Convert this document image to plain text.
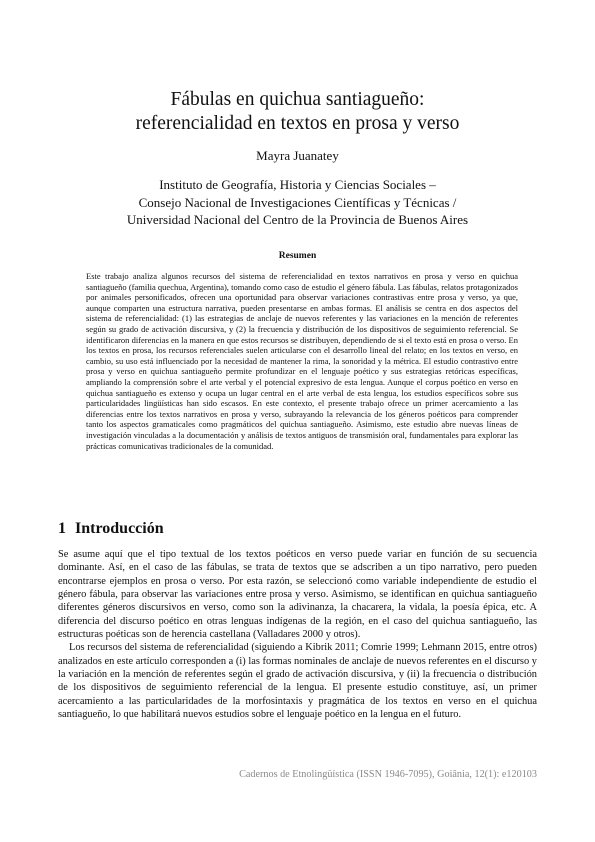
Fábulas en quichua santiagueño:
referencialidad en textos en prosa y verso
Mayra Juanatey
Instituto de Geografía, Historia y Ciencias Sociales –
Consejo Nacional de Investigaciones Científicas y Técnicas /
Universidad Nacional del Centro de la Provincia de Buenos Aires
Resumen
Este trabajo analiza algunos recursos del sistema de referencialidad en textos narrativos en prosa y verso en quichua santiagueño (familia quechua, Argentina), tomando como caso de estudio el género fábula. Las fábulas, relatos protagonizados por animales personificados, ofrecen una oportunidad para observar variaciones contrastivas entre prosa y verso, ya que, aunque comparten una estructura narrativa, pueden presentarse en ambas formas. El análisis se centra en dos aspectos del sistema de referencialidad: (1) las estrategias de anclaje de nuevos referentes y las variaciones en la mención de referentes según su grado de activación discursiva, y (2) la frecuencia y distribución de los dispositivos de seguimiento referencial. Se identificaron diferencias en la manera en que estos recursos se distribuyen, dependiendo de si el texto está en prosa o verso. En los textos en prosa, los recursos referenciales suelen articularse con el desarrollo lineal del relato; en los textos en verso, en cambio, su uso está influenciado por la necesidad de mantener la rima, la sonoridad y la métrica. El estudio contrastivo entre prosa y verso en quichua santiagueño permite profundizar en el lenguaje poético y sus estrategias retóricas específicas, ampliando la comprensión sobre el arte verbal y el potencial expresivo de esta lengua. Aunque el corpus poético en verso en quichua santiagueño es extenso y ocupa un lugar central en el arte verbal de esta lengua, los estudios específicos sobre sus particularidades lingüísticas han sido escasos. En este contexto, el presente trabajo ofrece un primer acercamiento a las diferencias entre los textos narrativos en prosa y verso, subrayando la relevancia de los géneros poéticos para comprender tanto los aspectos gramaticales como pragmáticos del quichua santiagueño. Asimismo, este estudio abre nuevas líneas de investigación vinculadas a la documentación y análisis de textos antiguos de transmisión oral, fundamentales para explorar las prácticas comunicativas tradicionales de la comunidad.
1 Introducción

Se asume aquí que el tipo textual de los textos poéticos en verso puede variar en función de su secuencia dominante. Así, en el caso de las fábulas, se trata de textos que se adscriben a un tipo narrativo, pero pueden encontrarse ejemplos en prosa o verso. Por esta razón, se seleccionó como variable independiente de estudio el género fábula, para observar las variaciones entre prosa y verso. Asimismo, se identifican en quichua santiagueño diferentes géneros discursivos en verso, como son la adivinanza, la chacarera, la vidala, la poesía épica, etc. A diferencia del discurso poético en otras lenguas indígenas de la región, en el caso del quichua santiagueño, las estructuras poéticas son de herencia castellana (Valladares 2000 y otros).

Los recursos del sistema de referencialidad (siguiendo a Kibrik 2011; Comrie 1999; Lehmann 2015, entre otros) analizados en este artículo corresponden a (i) las formas nominales de anclaje de nuevos referentes en el discurso y la variación en la mención de referentes según el grado de activación discursiva, y (ii) la frecuencia o distribución de los dispositivos de seguimiento referencial de la lengua. El presente estudio constituye, así, un primer acercamiento a las particularidades de la morfosintaxis y pragmática de los textos en verso en el quichua santiagueño, lo que habilitará nuevos estudios sobre el lenguaje poético en la lengua en el futuro.

Cadernos de Etnolingüística (ISSN 1946-7095), Goiânia, 12(1): e120103
